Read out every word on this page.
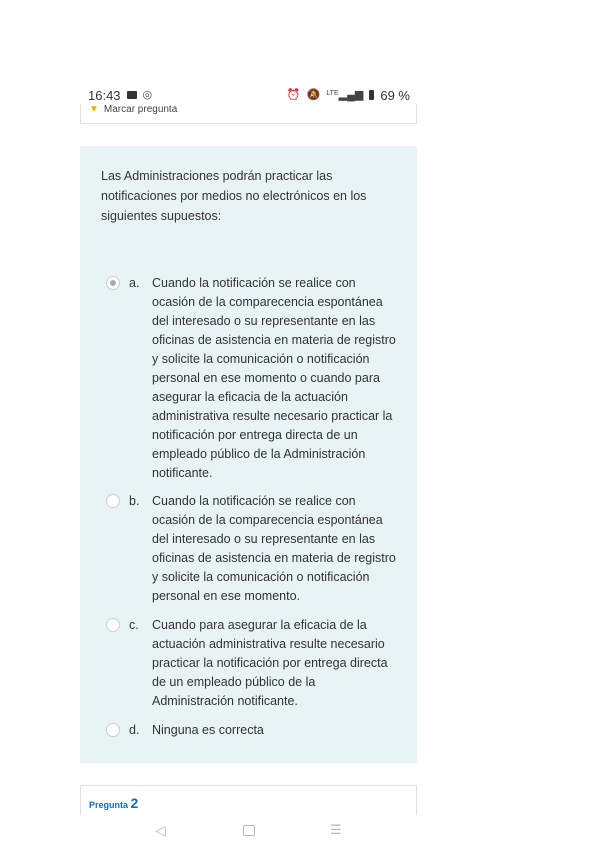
16:43 ◎	⏰ 🔕 $^{LTE}$▂▄▆ 69 %
▼ Marcar pregunta
Las Administraciones podrán practicar las notificaciones por medios no electrónicos en los siguientes supuestos:
a. Cuando la notificación se realice con ocasión de la comparecencia espontánea del interesado o su representante en las oficinas de asistencia en materia de registro y solicite la comunicación o notificación personal en ese momento o cuando para asegurar la eficacia de la actuación administrativa resulte necesario practicar la notificación por entrega directa de un empleado público de la Administración notificante.
b. Cuando la notificación se realice con ocasión de la comparecencia espontánea del interesado o su representante en las oficinas de asistencia en materia de registro y solicite la comunicación o notificación personal en ese momento.
c. Cuando para asegurar la eficacia de la actuación administrativa resulte necesario practicar la notificación por entrega directa de un empleado público de la Administración notificante.
d. Ninguna es correcta
Pregunta 2
◁	☰
